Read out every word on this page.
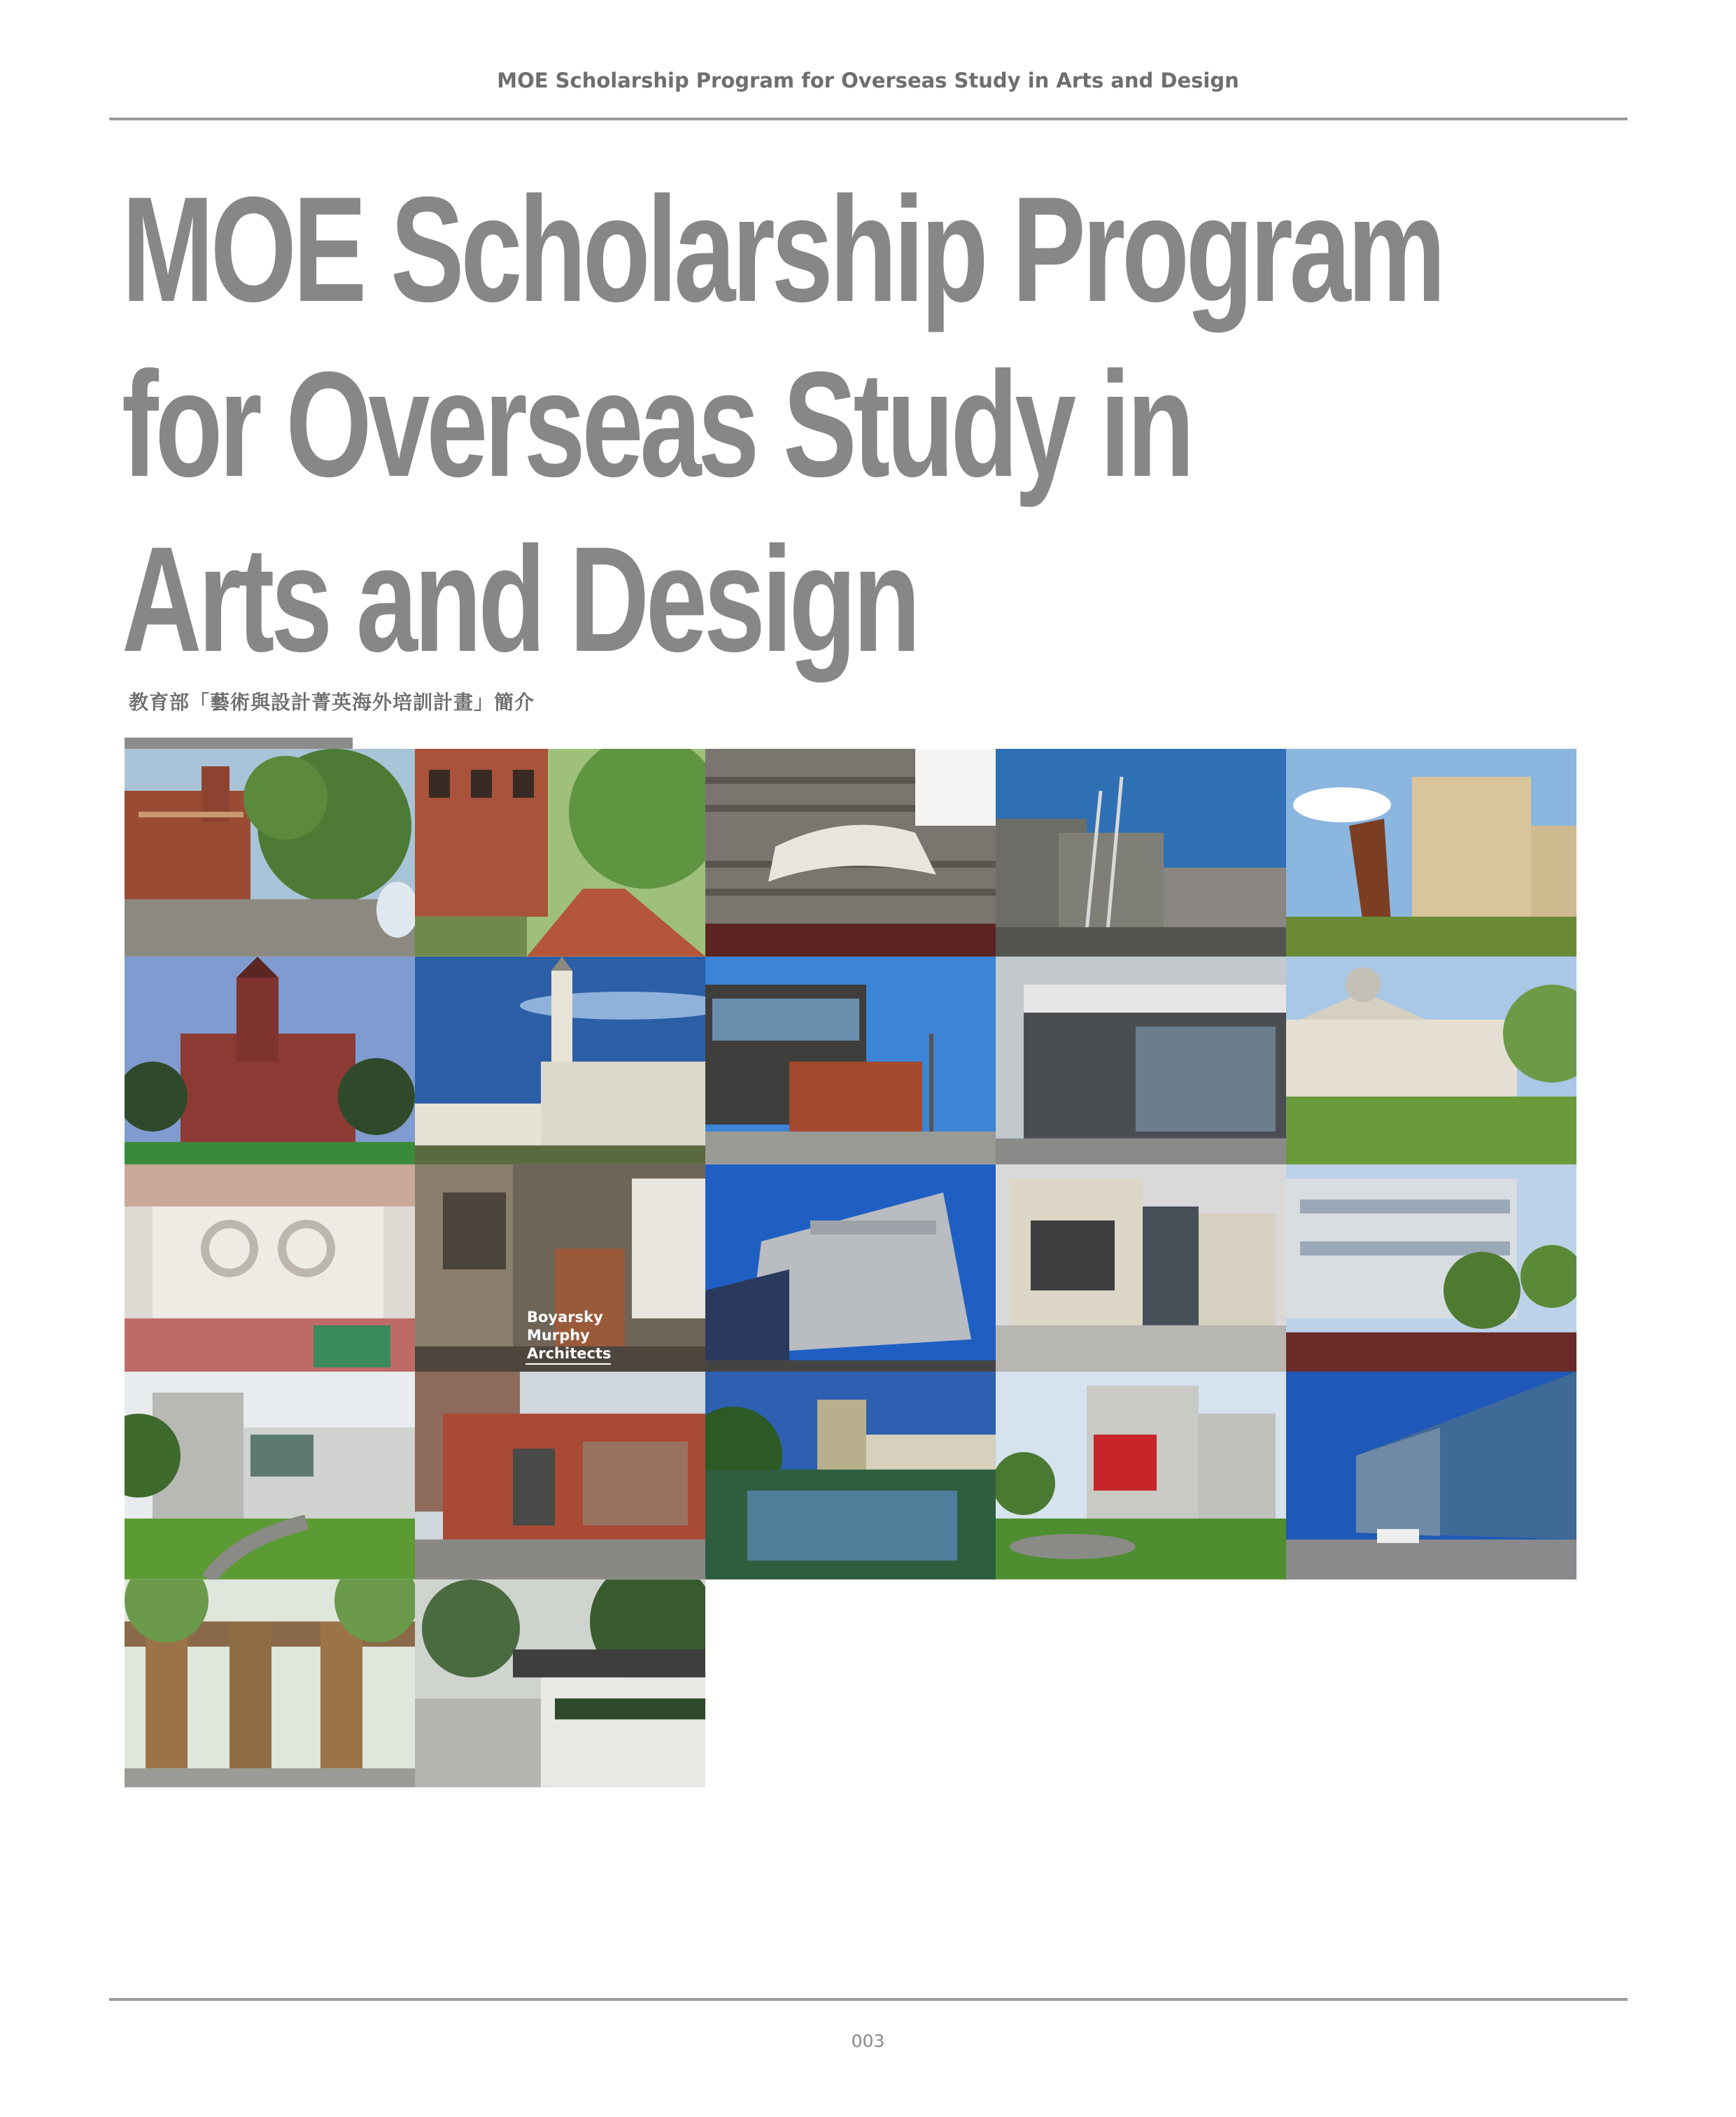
MOE Scholarship Program for Overseas Study in Arts and Design
MOE Scholarship Program
for Overseas Study in
Arts and Design
教育部「藝術與設計菁英海外培訓計畫」簡介
Boyarsky
Murphy
Architects
003
